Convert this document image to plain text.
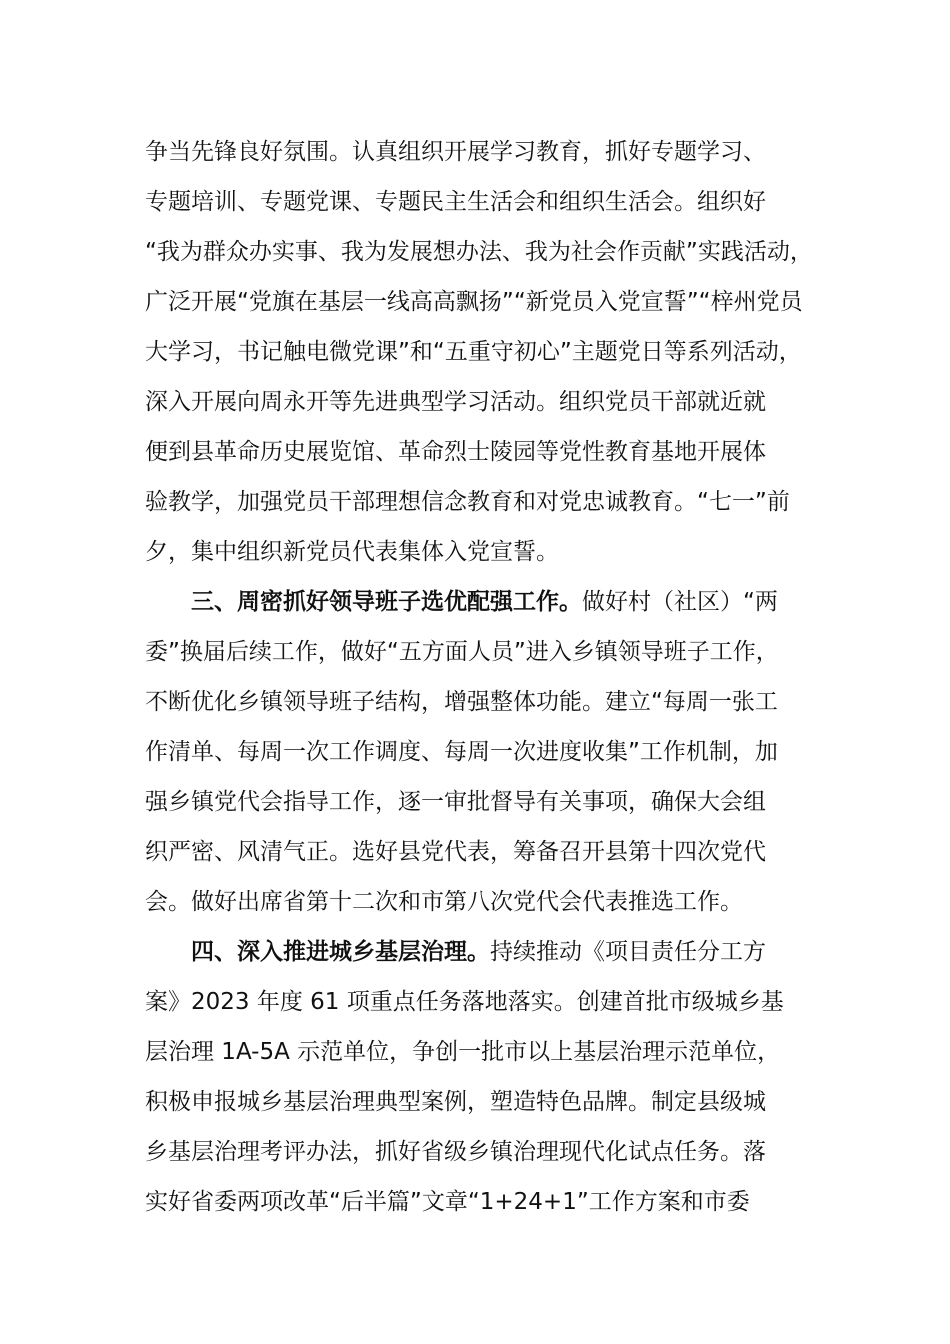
争当先锋良好氛围。认真组织开展学习教育，抓好专题学习、

专题培训、专题党课、专题民主生活会和组织生活会。组织好

“我为群众办实事、我为发展想办法、我为社会作贡献”实践活动，

广泛开展“党旗在基层一线高高飘扬”“新党员入党宣誓”“梓州党员

大学习，书记触电微党课”和“五重守初心”主题党日等系列活动，

深入开展向周永开等先进典型学习活动。组织党员干部就近就

便到县革命历史展览馆、革命烈士陵园等党性教育基地开展体

验教学，加强党员干部理想信念教育和对党忠诚教育。“七一”前

夕，集中组织新党员代表集体入党宣誓。

三、周密抓好领导班子选优配强工作。做好村（社区）“两

委”换届后续工作，做好“五方面人员”进入乡镇领导班子工作，

不断优化乡镇领导班子结构，增强整体功能。建立“每周一张工

作清单、每周一次工作调度、每周一次进度收集”工作机制，加

强乡镇党代会指导工作，逐一审批督导有关事项，确保大会组

织严密、风清气正。选好县党代表，筹备召开县第十四次党代

会。做好出席省第十二次和市第八次党代会代表推选工作。

四、深入推进城乡基层治理。持续推动《项目责任分工方

案》2023 年度 61 项重点任务落地落实。创建首批市级城乡基

层治理 1A-5A 示范单位，争创一批市以上基层治理示范单位，

积极申报城乡基层治理典型案例，塑造特色品牌。制定县级城

乡基层治理考评办法，抓好省级乡镇治理现代化试点任务。落

实好省委两项改革“后半篇”文章“1+24+1”工作方案和市委
